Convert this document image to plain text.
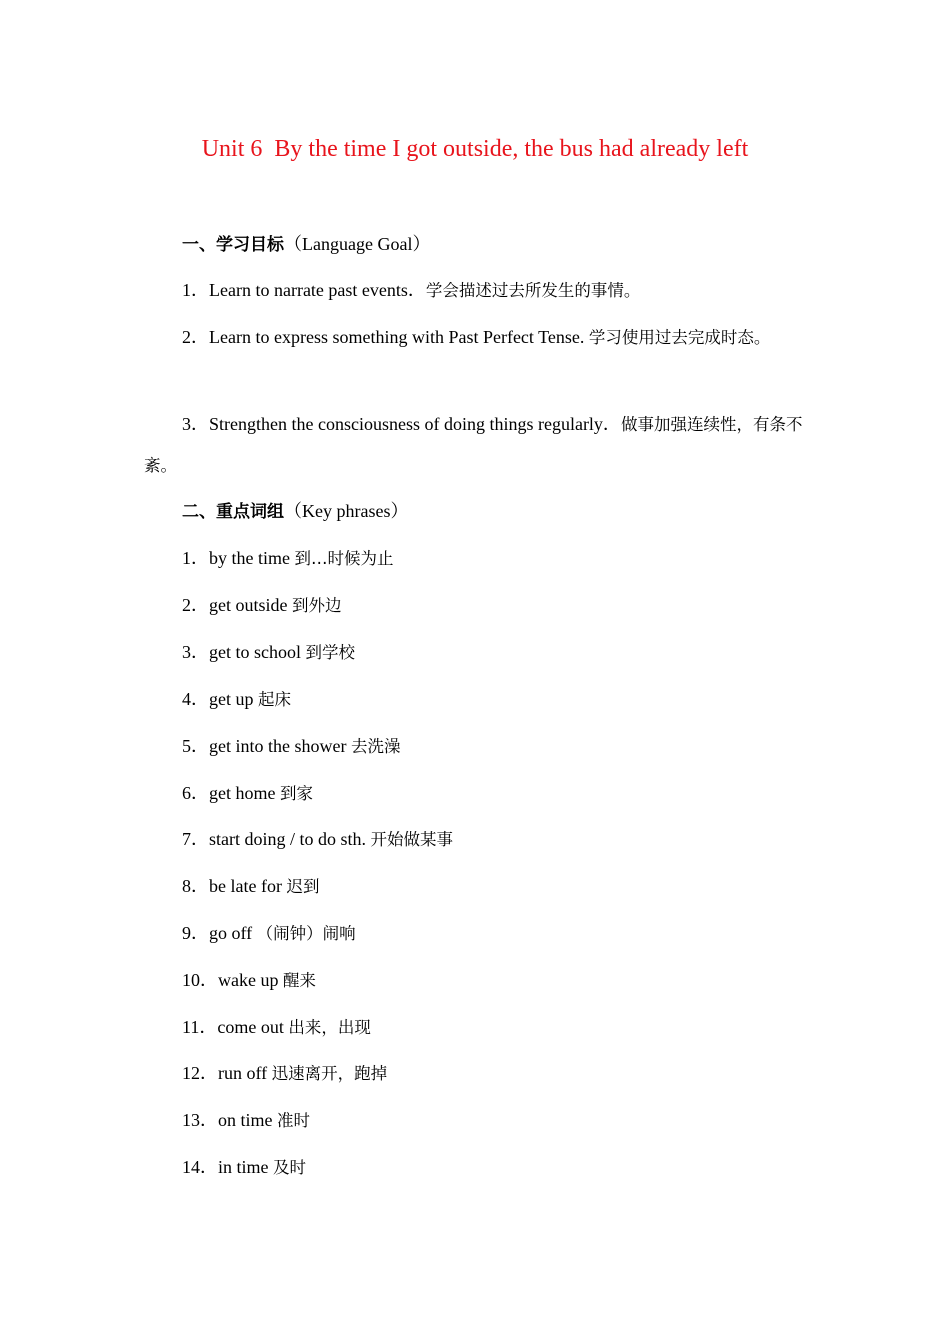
Unit 6  By the time I got outside, the bus had already left
一、学习目标（Language Goal）
1．Learn to narrate past events．学会描述过去所发生的事情。
2．Learn to express something with Past Perfect Tense. 学习使用过去完成时态。
3．Strengthen the consciousness of doing things regularly．做事加强连续性，有条不紊。
二、重点词组（Key phrases）
1．by the time 到…时候为止
2．get outside 到外边
3．get to school 到学校
4．get up 起床
5．get into the shower 去洗澡
6．get home 到家
7．start doing / to do sth. 开始做某事
8．be late for 迟到
9．go off （闹钟）闹响
10．wake up 醒来
11．come out 出来，出现
12．run off 迅速离开，跑掉
13．on time 准时
14．in time 及时
